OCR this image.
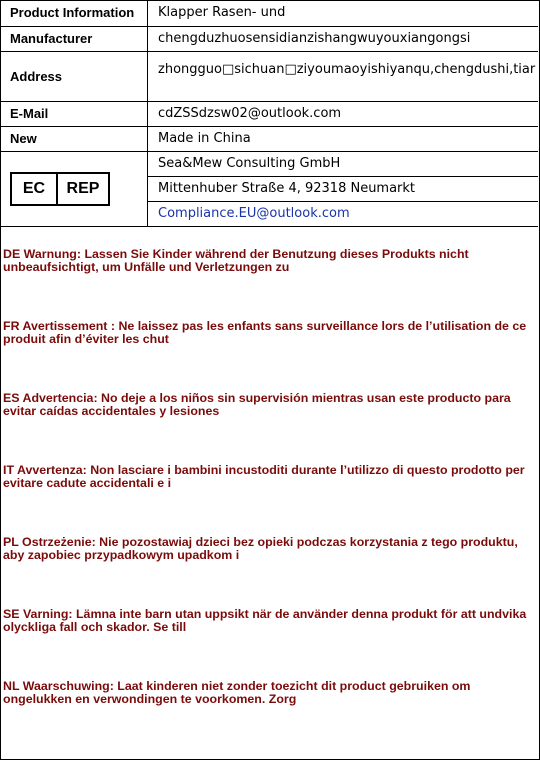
Product Information	Klapper Rasen- und
Manufacturer	chengduzhuosensidianzishangwuyouxiangongsi
Address	zhongguo□sichuan□ziyoumaoyishiyanqu,chengdushi,tiar
E-Mail	cdZSSdzsw02@outlook.com
New	Made in China

EC REP	Sea&Mew Consulting GmbH
	Mittenhuber Straße 4, 92318 Neumarkt
	Compliance.EU@outlook.com
DE Warnung: Lassen Sie Kinder während der Benutzung dieses Produkts nicht unbeaufsichtigt, um Unfälle und Verletzungen zu
FR Avertissement : Ne laissez pas les enfants sans surveillance lors de l’utilisation de ce produit afin d’éviter les chut
ES Advertencia: No deje a los niños sin supervisión mientras usan este producto para evitar caídas accidentales y lesiones
IT Avvertenza: Non lasciare i bambini incustoditi durante l’utilizzo di questo prodotto per evitare cadute accidentali e i
PL Ostrzeżenie: Nie pozostawiaj dzieci bez opieki podczas korzystania z tego produktu, aby zapobiec przypadkowym upadkom i
SE Varning: Lämna inte barn utan uppsikt när de använder denna produkt för att undvika olyckliga fall och skador. Se till
NL Waarschuwing: Laat kinderen niet zonder toezicht dit product gebruiken om ongelukken en verwondingen te voorkomen. Zorg
